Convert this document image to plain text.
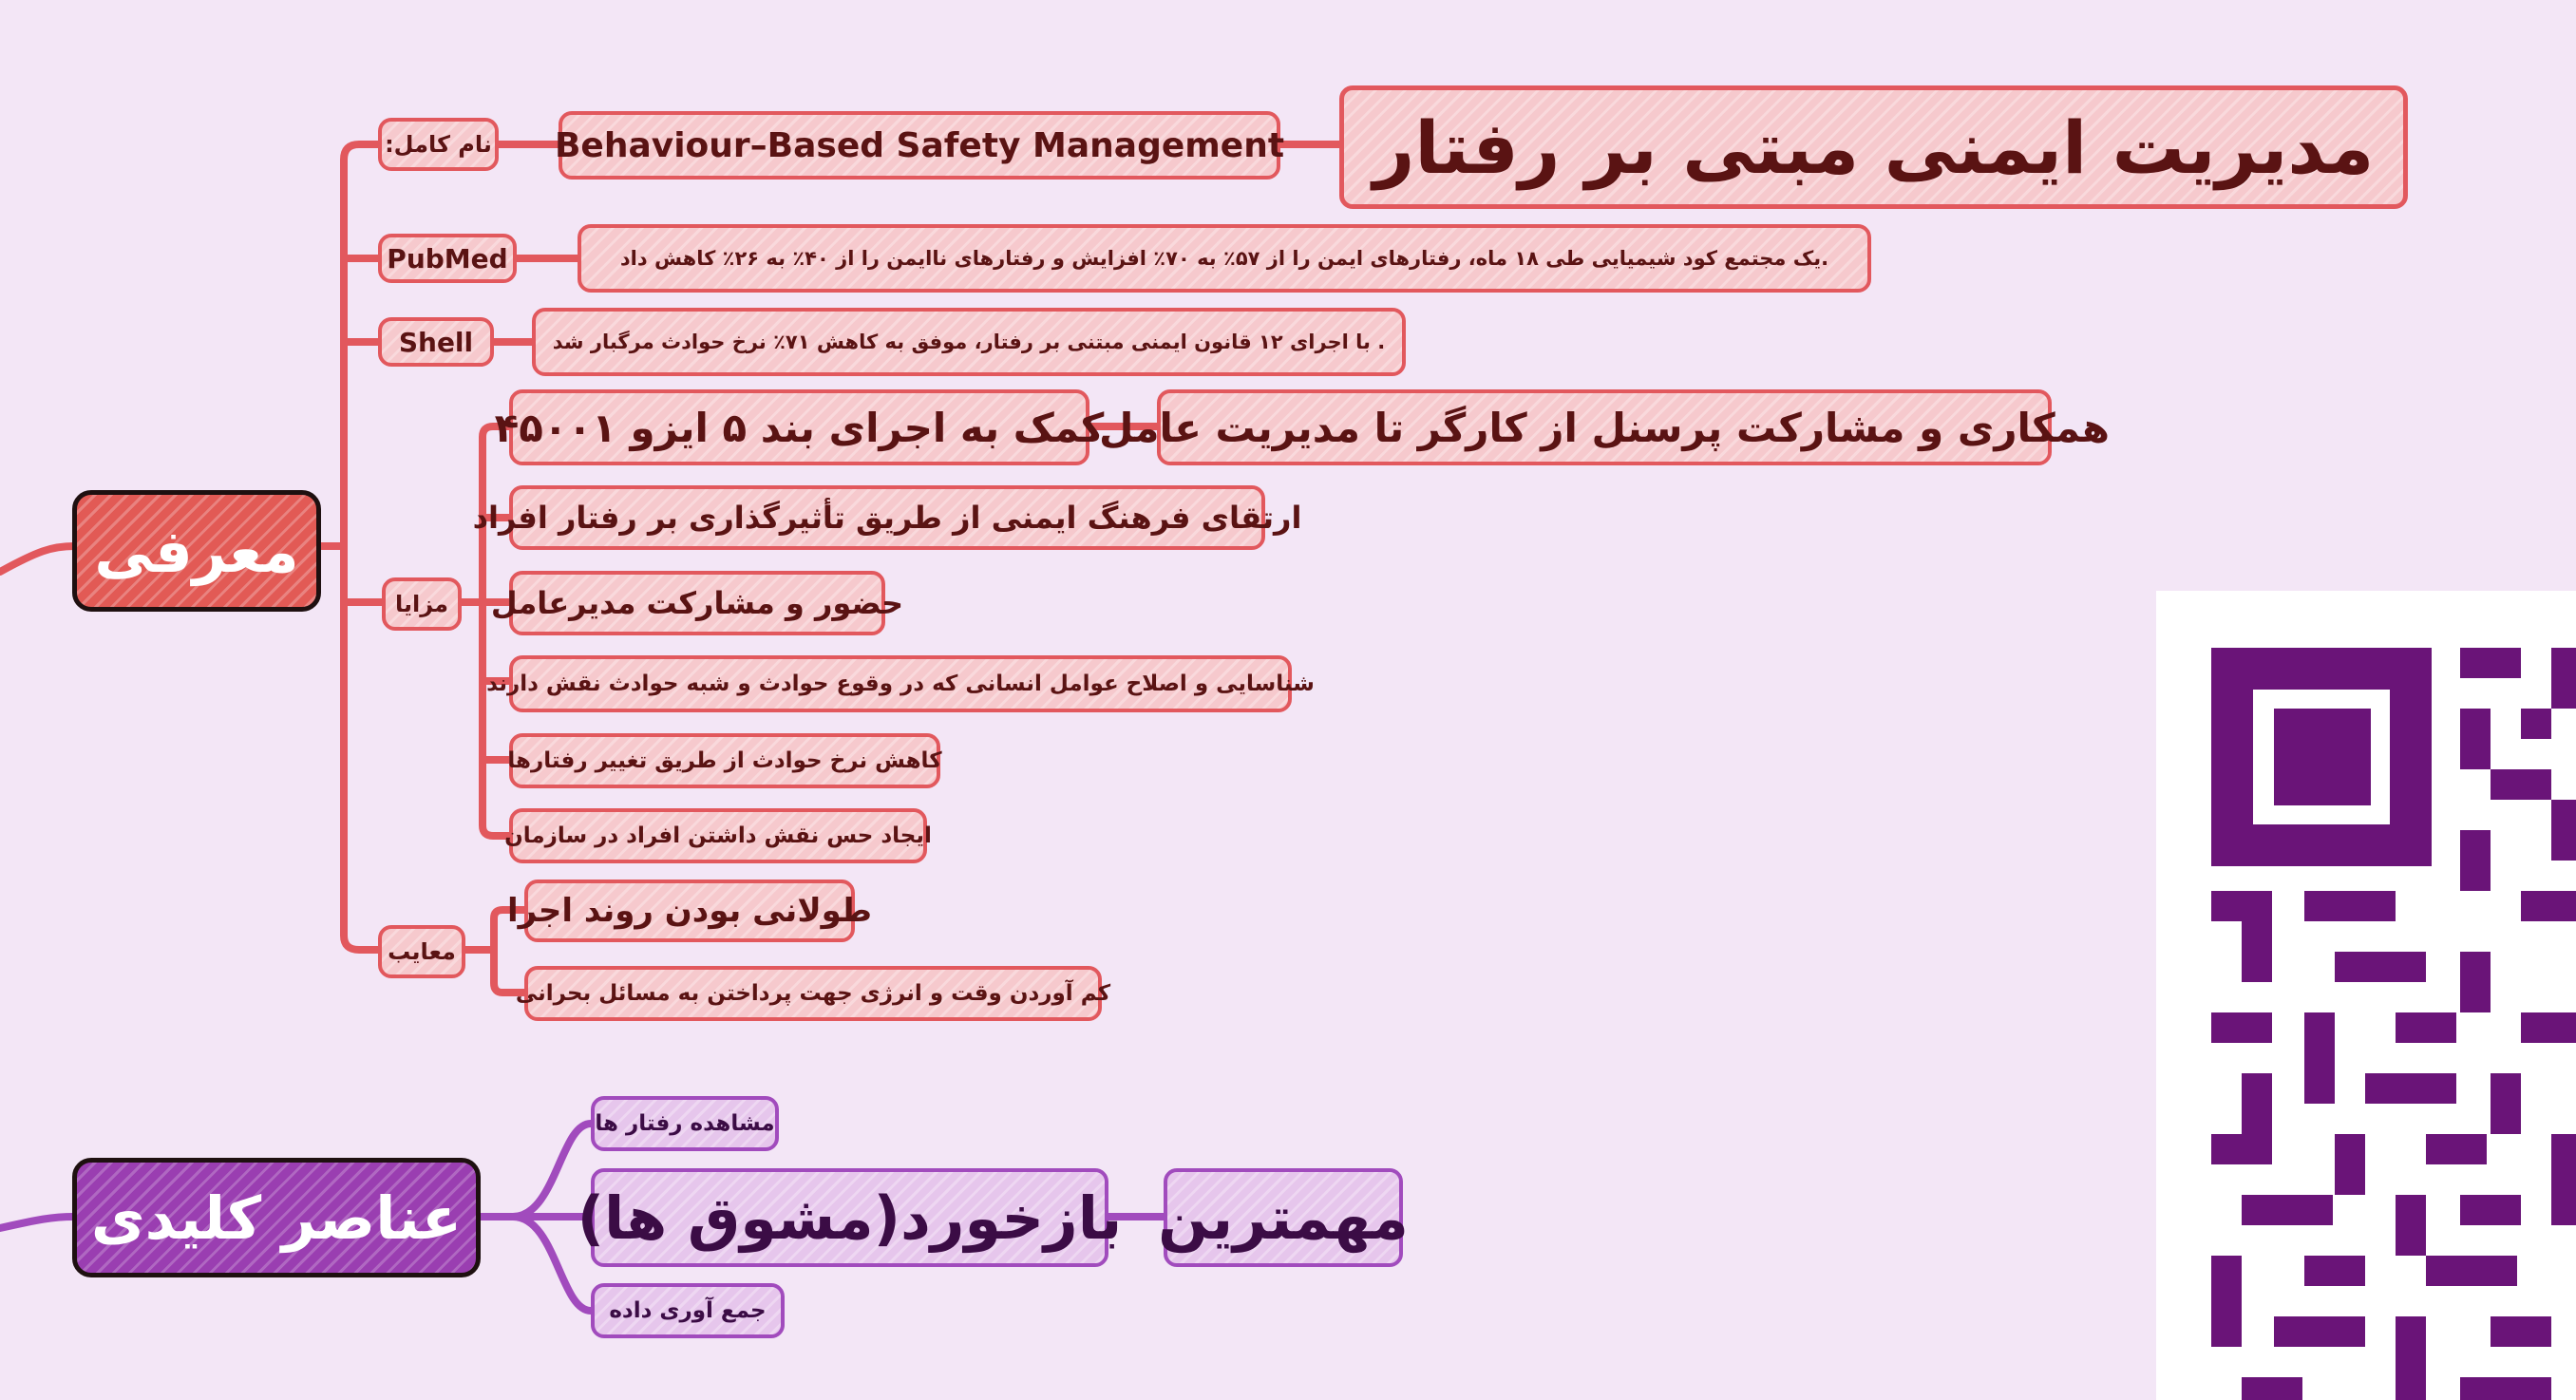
مدیریت ایمنی مبتی بر رفتار
Behaviour–Based Safety Management
نام کامل:
PubMed	.یک مجتمع کود شیمیایی طی ۱۸ ماه، رفتارهای ایمن را از ۵۷٪ به ۷۰٪ افزایش و رفتارهای ناایمن را از ۴۰٪ به ۲۶٪ کاهش داد
Shell	. با اجرای ۱۲ قانون ایمنی مبتنی بر رفتار، موفق به کاهش ۷۱٪ نرخ حوادث مرگبار شد
مزایا
کمک به اجرای بند ۵ ایزو ۴۵۰۰۱
همکاری و مشارکت پرسنل از کارگر تا مدیریت عامل
ارتقای فرهنگ ایمنی از طریق تأثیرگذاری بر رفتار افراد
حضور و مشارکت مدیرعامل
شناسایی و اصلاح عوامل انسانی که در وقوع حوادث و شبه حوادث نقش دارند
کاهش نرخ حوادث از طریق تغییر رفتارها
ایجاد حس نقش داشتن افراد در سازمان
معایب
طولانی بودن روند اجرا
کم آوردن وقت و انرژی جهت پرداختن به مسائل بحرانی
معرفی
عناصر کلیدی
مشاهده رفتار ها
بازخورد(مشوق ها) مهمترین
جمع آوری داده
